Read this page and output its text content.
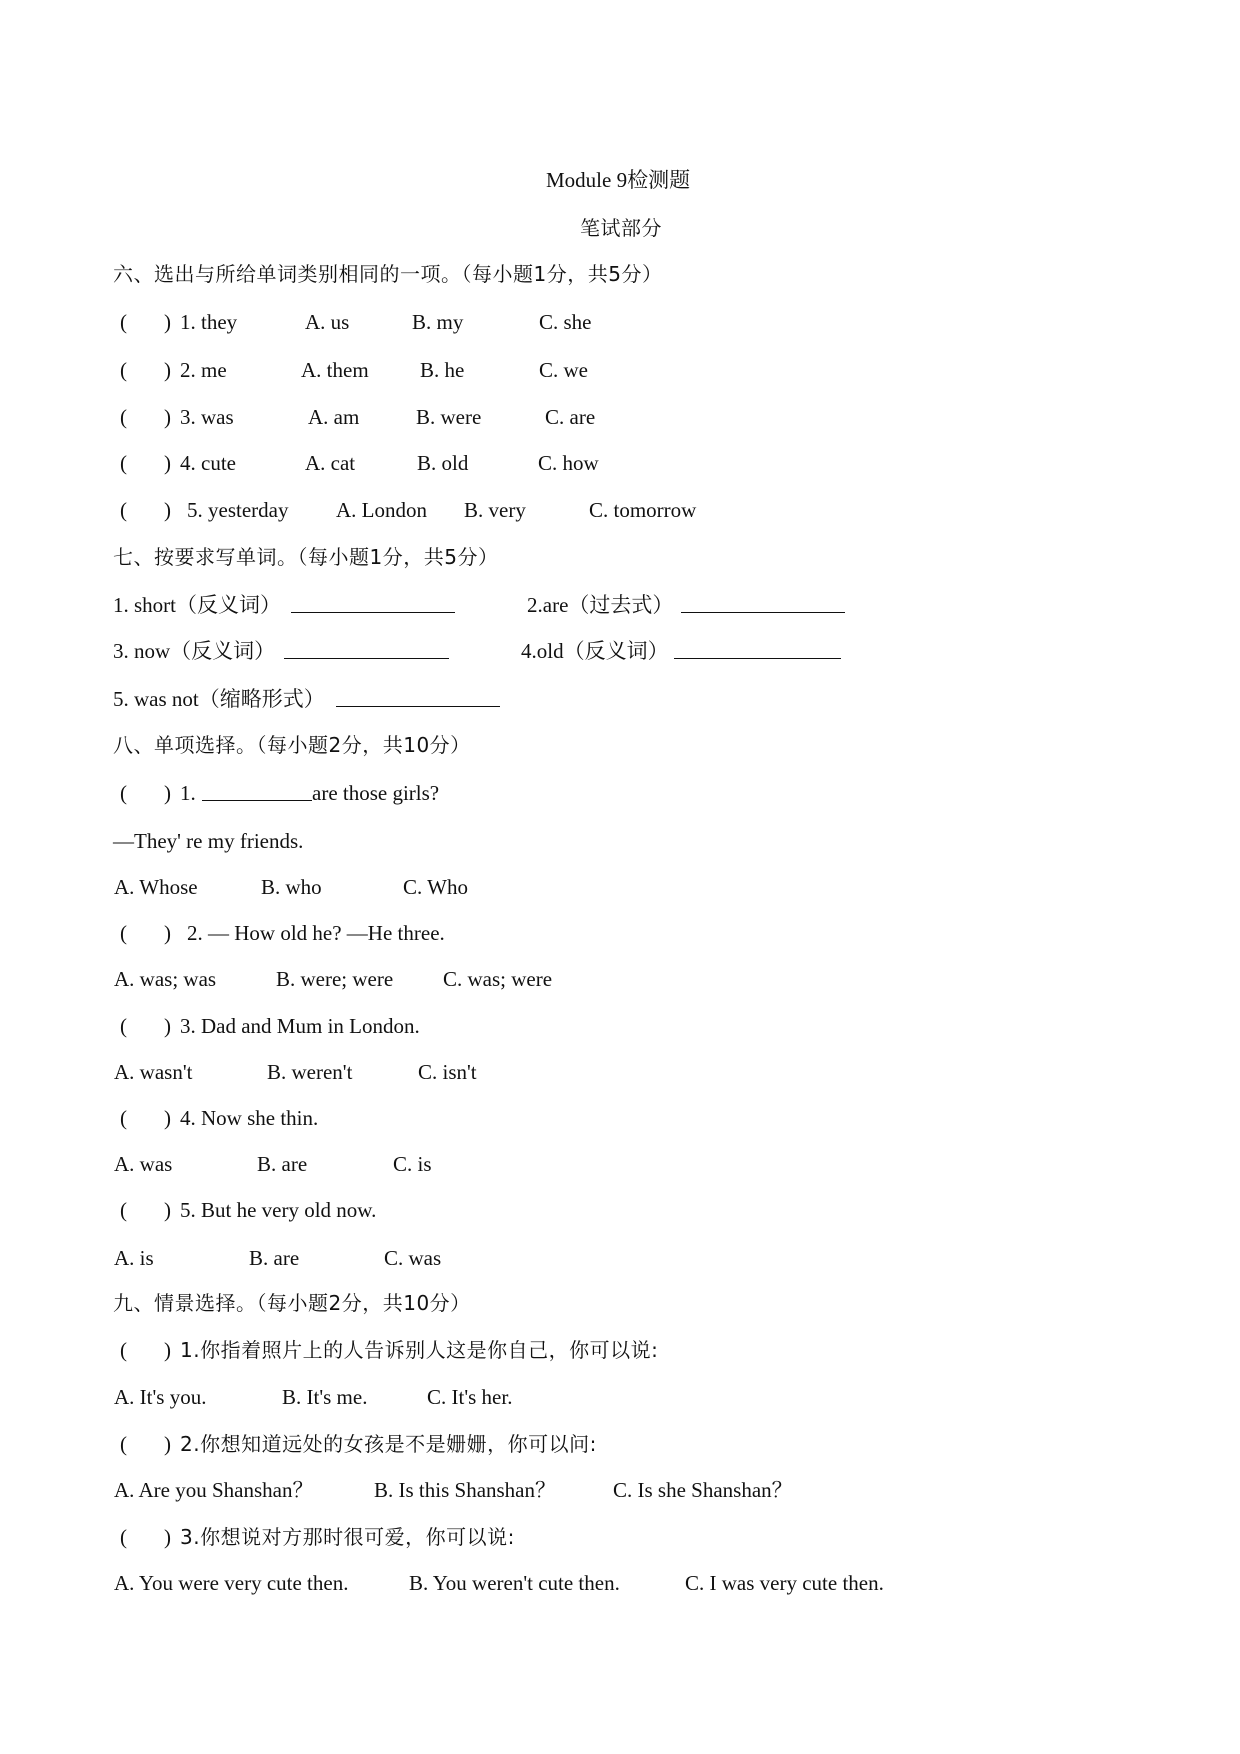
Module 9检测题
笔试部分
六、选出与所给单词类别相同的一项。（每小题1分，共5分）
( ) 1. they	A. us	B. my	C. she
( ) 2. me	A. them B. he	C. we
( ) 3. was	A. am	B. were	C. are
( ) 4. cute	A. cat	B. old	C. how
( ) 5. yesterday A. London B. very	C. tomorrow
七、按要求写单词。（每小题1分，共5分）
1. short（反义词）	2.are（过去式）
3. now（反义词）	4.old（反义词）
5. was not（缩略形式）
八、单项选择。（每小题2分，共10分）
( ) 1.	are those girls?
—They' re my friends.
A. Whose	B. who	C. Who
( ) 2. — How old he? —He three.
A. was; was	B. were; were C. was; were
( ) 3. Dad and Mum in London.
A. wasn't	B. weren't	C. isn't
( ) 4. Now she thin.
A. was	B. are	C. is
( ) 5. But he very old now.
A. is	B. are	C. was
九、情景选择。（每小题2分，共10分）
( ) 1.你指着照片上的人告诉别人这是你自己，你可以说:
A. It's you.	B. It's me.	C. It's her.
( ) 2.你想知道远处的女孩是不是姗姗，你可以问:
A. Are you Shanshan？	B. Is this Shanshan？	C. Is she Shanshan？
( ) 3.你想说对方那时很可爱，你可以说:
A. You were very cute then.	B. You weren't cute then.	C. I was very cute then.
